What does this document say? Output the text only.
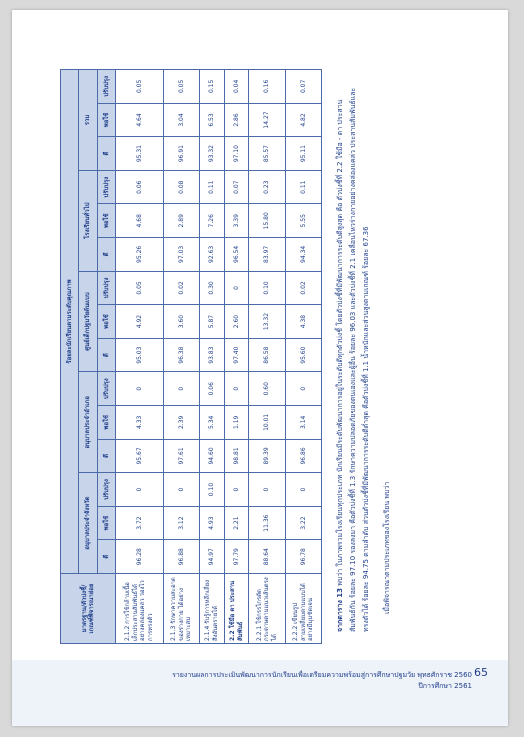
มาตรฐาน/ตัวบ่งชี้/
เกณฑ์พิจารณาย่อย	ร้อยละนักเรียนตามระดับคุณภาพ														
	อนุบาลประจำจังหวัด			อนุบาลประจำอำเภอ			ศูนย์เด็กปฐมวัยต้นแบบ			โรงเรียนทั่วไป			รวม		
	ดี	พอใช้	ปรับปรุง	ดี	พอใช้	ปรับปรุง	ดี	พอใช้	ปรับปรุง	ดี	พอใช้	ปรับปรุง	ดี	พอใช้	ปรับปรุง
2.1.2 การใช้กล้ามเนื้อเล็กประสานสัมพันธ์ได้อย่างคล่องแคล่ว ว่องไว การทรงตัว	96.28	3.72	0	95.67	4.33	0	95.03	4.92	0.05	95.26	4.68	0.06	95.31	4.64	0.05
2.1.3 รักษาความสะอาดของร่างกาย ได้อย่างเหมาะสม	96.88	3.12	0	97.61	2.39	0	96.38	3.60	0.02	97.03	2.89	0.08	96.91	3.04	0.05
2.1.4 รับรู้การหลีกเลี่ยงสิ่งอันตรายได้	94.97	4.93	0.10	94.60	5.34	0.06	93.83	5.87	0.30	92.63	7.26	0.11	93.32	6.53	0.15
2.2 ใช้มือ ตา ประสานสัมพันธ์	97.79	2.21	0	98.81	1.19	0	97.40	2.60	0	96.54	3.39	0.07	97.10	2.86	0.04
2.2.1 ใช้กรรไกรตัดกระดาษตามแนวเส้นตรงได้	88.64	11.36	0	89.39	10.01	0.60	86.58	13.32	0.10	83.97	15.80	0.23	85.57	14.27	0.16
2.2.2 เขียนรูปสามเหลี่ยมตามแบบได้อย่างมีมุมชัดเจน	96.78	3.22	0	96.86	3.14	0	95.60	4.38	0.02	94.34	5.55	0.11	95.11	4.82	0.07

จากตาราง 13 พบว่า ในภาพรวมโรงเรียนทุกประเภท นักเรียนมีระดับพัฒนาการอยู่ในระดับดีทุกตัวบ่งชี้ โดยตัวบ่งชี้ที่มีพัฒนาการระดับดีสูงสุด คือ ตัวบ่งชี้ที่ 2.2 ใช้มือ - ตา ประสานสัมพันธ์กัน ร้อยละ 97.10 รองลงมา คือตัวบ่งชี้ที่ 1.3 รักษาความปลอดภัยของตนเองและผู้อื่น ร้อยละ 96.03 และตัวบ่งชี้ที่ 2.1 เคลื่อนไหวร่างกายอย่างคล่องแคล่ว ประสานสัมพันธ์และทรงตัวได้ ร้อยละ 94.75 ตามลำดับ ส่วนตัวบ่งชี้ที่มีพัฒนาการระดับดีต่ำสุด คือตัวบ่งชี้ที่ 1.1 น้ำหนักและส่วนสูงตามเกณฑ์ ร้อยละ 67.36	เมื่อพิจารณาตามประเภทของโรงเรียน พบว่า

รายงานผลการประเมินพัฒนาการนักเรียนเพื่อเตรียมความพร้อมสู่การศึกษาปฐมวัย พุทธศักราช 2560
ปีการศึกษา 2561
65
